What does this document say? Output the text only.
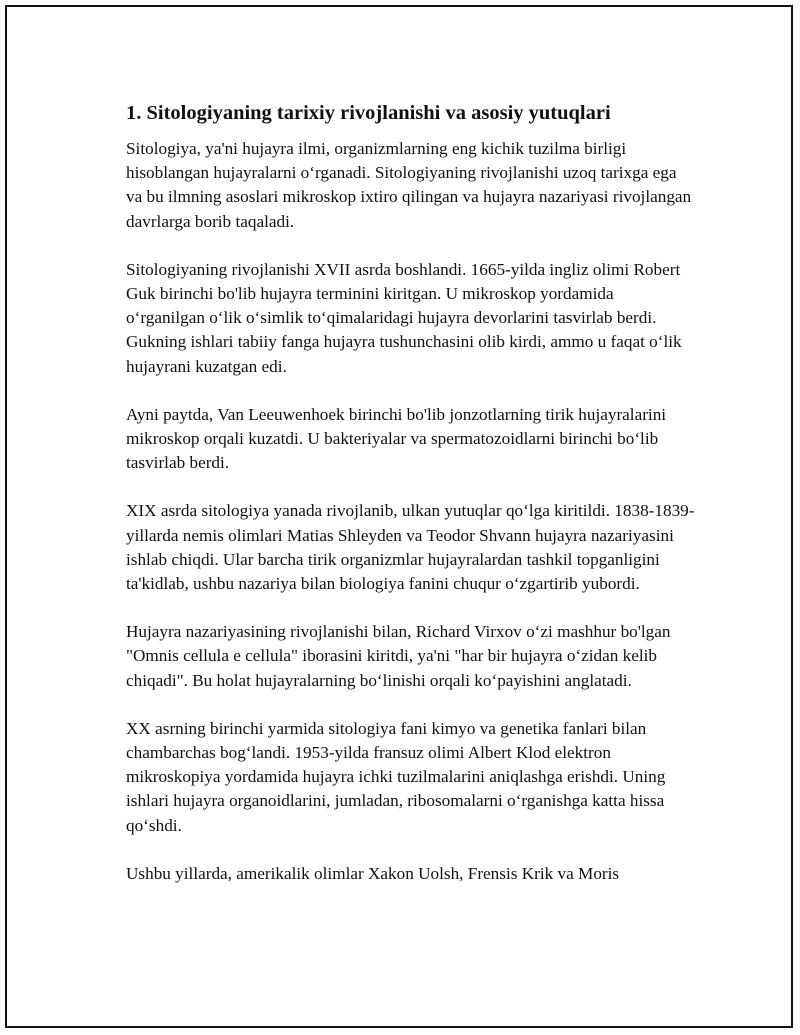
1. Sitologiyaning tarixiy rivojlanishi va asosiy yutuqlari

Sitologiya, ya'ni hujayra ilmi, organizmlarning eng kichik tuzilma birligi hisoblangan hujayralarni o‘rganadi. Sitologiyaning rivojlanishi uzoq tarixga ega va bu ilmning asoslari mikroskop ixtiro qilingan va hujayra nazariyasi rivojlangan davrlarga borib taqaladi.

Sitologiyaning rivojlanishi XVII asrda boshlandi. 1665-yilda ingliz olimi Robert Guk birinchi bo'lib hujayra terminini kiritgan. U mikroskop yordamida o‘rganilgan o‘lik o‘simlik to‘qimalaridagi hujayra devorlarini tasvirlab berdi. Gukning ishlari tabiiy fanga hujayra tushunchasini olib kirdi, ammo u faqat o‘lik hujayrani kuzatgan edi.

Ayni paytda, Van Leeuwenhoek birinchi bo'lib jonzotlarning tirik hujayralarini mikroskop orqali kuzatdi. U bakteriyalar va spermatozoidlarni birinchi bo‘lib tasvirlab berdi.

XIX asrda sitologiya yanada rivojlanib, ulkan yutuqlar qo‘lga kiritildi. 1838-1839-yillarda nemis olimlari Matias Shleyden va Teodor Shvann hujayra nazariyasini ishlab chiqdi. Ular barcha tirik organizmlar hujayralardan tashkil topganligini ta'kidlab, ushbu nazariya bilan biologiya fanini chuqur o‘zgartirib yubordi.

Hujayra nazariyasining rivojlanishi bilan, Richard Virxov o‘zi mashhur bo'lgan "Omnis cellula e cellula" iborasini kiritdi, ya'ni "har bir hujayra o‘zidan kelib chiqadi". Bu holat hujayralarning bo‘linishi orqali ko‘payishini anglatadi.

XX asrning birinchi yarmida sitologiya fani kimyo va genetika fanlari bilan chambarchas bog‘landi. 1953-yilda fransuz olimi Albert Klod elektron mikroskopiya yordamida hujayra ichki tuzilmalarini aniqlashga erishdi. Uning ishlari hujayra organoidlarini, jumladan, ribosomalarni o‘rganishga katta hissa qo‘shdi.

Ushbu yillarda, amerikalik olimlar Xakon Uolsh, Frensis Krik va Moris
